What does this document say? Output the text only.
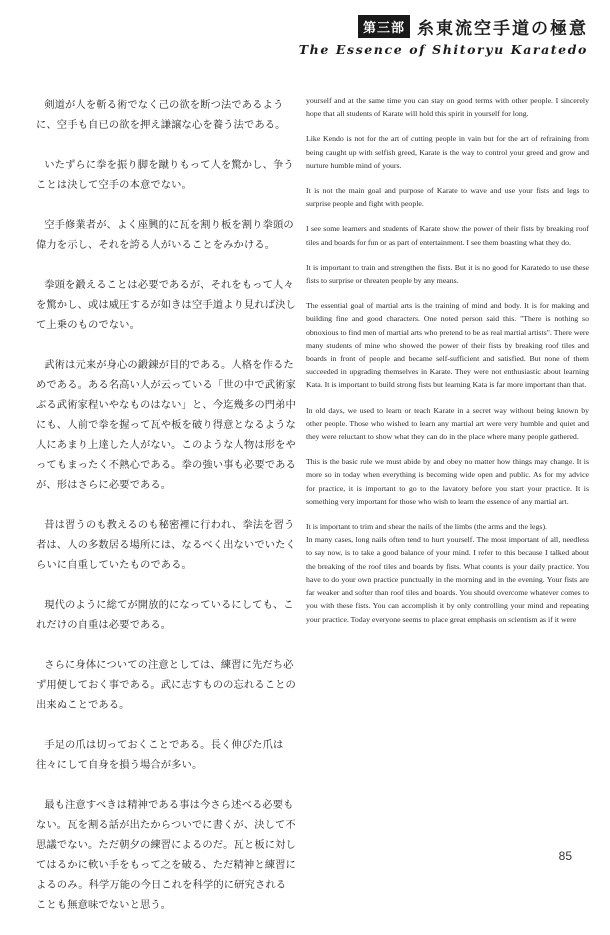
第三部 糸東流空手道の極意
The Essence of Shitoryu Karatedo

剣道が人を斬る術でなく己の欲を断つ法であるように、空手も自已の欲を押え謙譲な心を養う法である。

いたずらに拳を振り脚を蹴りもって人を驚かし、争うことは決して空手の本意でない。

空手修業者が、よく座興的に瓦を割り板を割り拳頭の偉力を示し、それを誇る人がいることをみかける。

拳頭を鍛えることは必要であるが、それをもって人々を驚かし、或は威圧するが如きは空手道より見れば決して上乗のものでない。

武術は元来が身心の鍛錬が目的である。人格を作るためである。ある名高い人が云っている「世の中で武術家ぶる武術家程いやなものはない」と、今迄幾多の門弟中にも、人前で拳を握って瓦や板を破り得意となるような人にあまり上達した人がない。このような人物は形をやってもまったく不熱心である。拳の強い事も必要であるが、形はさらに必要である。

昔は習うのも教えるのも秘密裡に行われ、拳法を習う者は、人の多数居る場所には、なるべく出ないでいたくらいに自重していたものである。

現代のように総てが開放的になっているにしても、これだけの自重は必要である。

さらに身体についての注意としては、練習に先だち必ず用便しておく事である。武に志すものの忘れることの出来ぬことである。

手足の爪は切っておくことである。長く伸びた爪は往々にして自身を損う場合が多い。

最も注意すべきは精神である事は今さら述べる必要もない。瓦を割る話が出たからついでに書くが、決して不思議でない。ただ朝夕の練習によるのだ。瓦と板に対してはるかに軟い手をもって之を破る、ただ精神と練習によるのみ。科学万能の今日これを科学的に研究されることも無意味でないと思う。

yourself and at the same time you can stay on good terms with other people. I sincerely hope that all students of Karate will hold this spirit in yourself for long.

Like Kendo is not for the art of cutting people in vain but for the art of refraining from being caught up with selfish greed, Karate is the way to control your greed and grow and nurture humble mind of yours.

It is not the main goal and purpose of Karate to wave and use your fists and legs to surprise people and fight with people.

I see some learners and students of Karate show the power of their fists by breaking roof tiles and boards for fun or as part of entertainment. I see them boasting what they do.

It is important to train and strengthen the fists. But it is no good for Karatedo to use these fists to surprise or threaten people by any means.

The essential goal of martial arts is the training of mind and body. It is for making and building fine and good characters. One noted person said this. "There is nothing so obnoxious to find men of martial arts who pretend to be as real martial artists". There were many students of mine who showed the power of their fists by breaking roof tiles and boards in front of people and became self-sufficient and satisfied. But none of them succeeded in upgrading themselves in Karate. They were not enthusiastic about learning Kata. It is important to build strong fists but learning Kata is far more important than that.

In old days, we used to learn or teach Karate in a secret way without being known by other people. Those who wished to learn any martial art were very humble and quiet and they were reluctant to show what they can do in the place where many people gathered.

This is the basic rule we must abide by and obey no matter how things may change. It is more so in today when everything is becoming wide open and public. As for my advice for practice, it is important to go to the lavatory before you start your practice. It is something very important for those who wish to learn the essence of any martial art.

It is important to trim and shear the nails of the limbs (the arms and the legs).

In many cases, long nails often tend to hurt yourself. The most important of all, needless to say now, is to take a good balance of your mind. I refer to this because I talked about the breaking of the roof tiles and boards by fists. What counts is your daily practice. You have to do your own practice punctually in the morning and in the evening. Your fists are far weaker and softer than roof tiles and boards. You should overcome whatever comes to you with these fists. You can accomplish it by only controlling your mind and repeating your practice. Today everyone seems to place great emphasis on scientism as if it were

85
